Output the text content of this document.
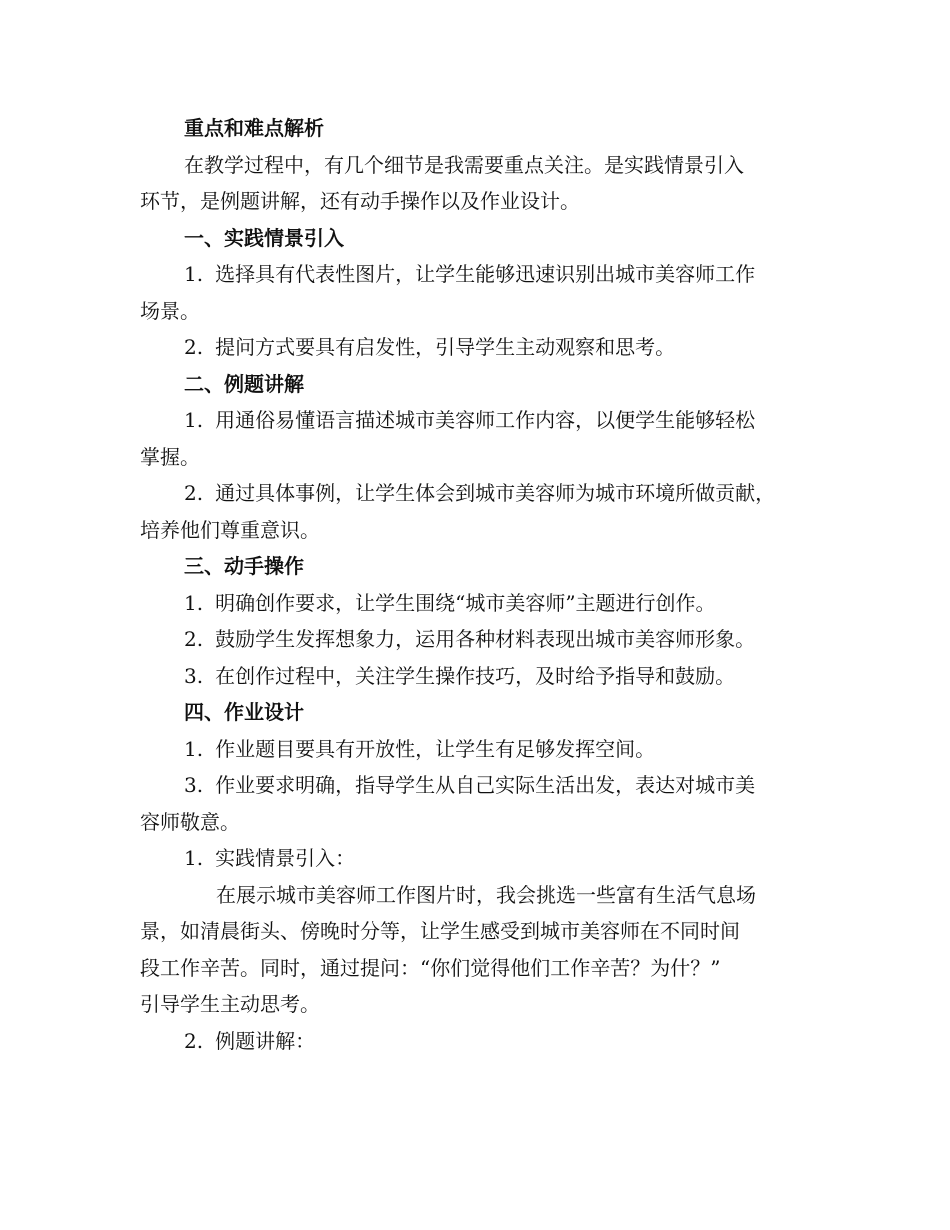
重点和难点解析
在教学过程中，有几个细节是我需要重点关注。是实践情景引入
环节，是例题讲解，还有动手操作以及作业设计。
一、实践情景引入
1. 选择具有代表性图片，让学生能够迅速识别出城市美容师工作
场景。
2. 提问方式要具有启发性，引导学生主动观察和思考。
二、例题讲解
1. 用通俗易懂语言描述城市美容师工作内容，以便学生能够轻松
掌握。
2. 通过具体事例，让学生体会到城市美容师为城市环境所做贡献，
培养他们尊重意识。
三、动手操作
1. 明确创作要求，让学生围绕“城市美容师”主题进行创作。
2. 鼓励学生发挥想象力，运用各种材料表现出城市美容师形象。
3. 在创作过程中，关注学生操作技巧，及时给予指导和鼓励。
四、作业设计
1. 作业题目要具有开放性，让学生有足够发挥空间。
3. 作业要求明确，指导学生从自己实际生活出发，表达对城市美
容师敬意。
1. 实践情景引入：
在展示城市美容师工作图片时，我会挑选一些富有生活气息场
景，如清晨街头、傍晚时分等，让学生感受到城市美容师在不同时间
段工作辛苦。同时，通过提问：“你们觉得他们工作辛苦？为什？”
引导学生主动思考。
2. 例题讲解：
